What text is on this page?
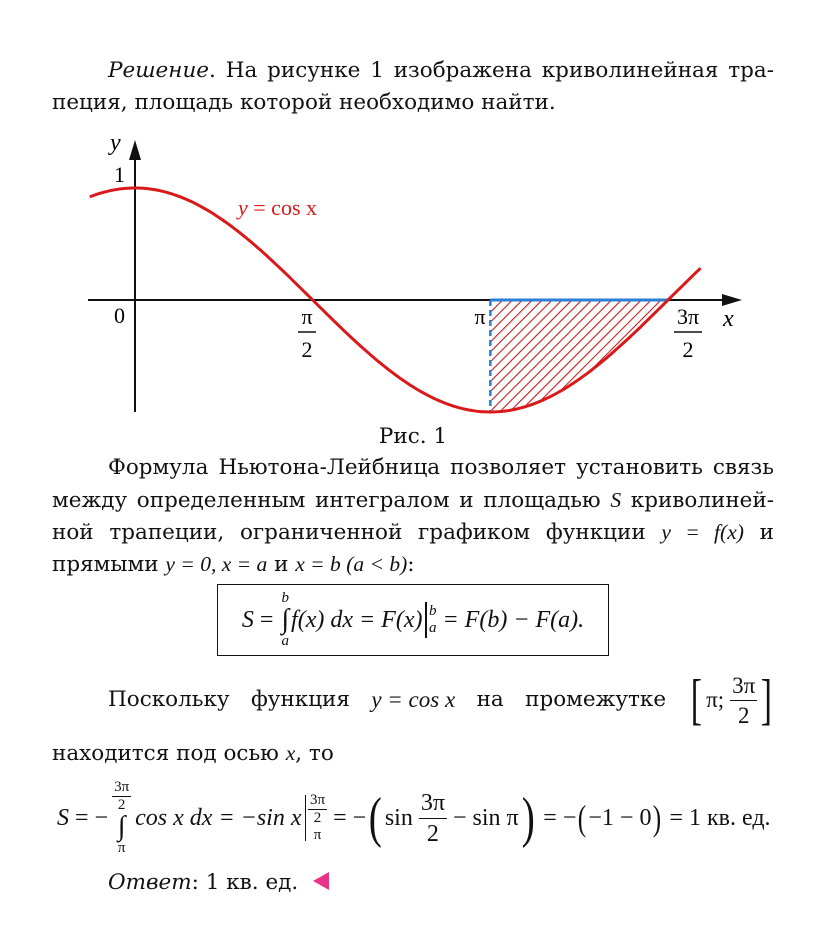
Решение. На рисунке 1 изображена криволинейная тра-
пеция, площадь которой необходимо найти.
y
1
0	x
π
2
π	3π
2
y = cos x
Рис. 1
Формула Ньютона-Лейбница позволяет установить связь
между определенным интегралом и площадью S криволиней-
ной трапеции, ограниченной графиком функции y = f(x) и
прямыми y = 0, x = a и x = b (a < b):
S =
b
∫
a
f(x) dx = F(x) b
a = F(b) − F(a).
Поскольку функция y = cos x на промежутке [ π; $\frac{3\pi}{2}$ ]
находится под осью x, то
S = −
$\frac{3\pi}{2}$
∫
π
cos x dx = −sin x $\frac{3\pi}{2}$
π
= − ( $\sin \frac{3\pi}{2} - \sin \pi$ ) = − ( −1 − 0 ) = 1 кв. ед.
Ответ: 1 кв. ед.
